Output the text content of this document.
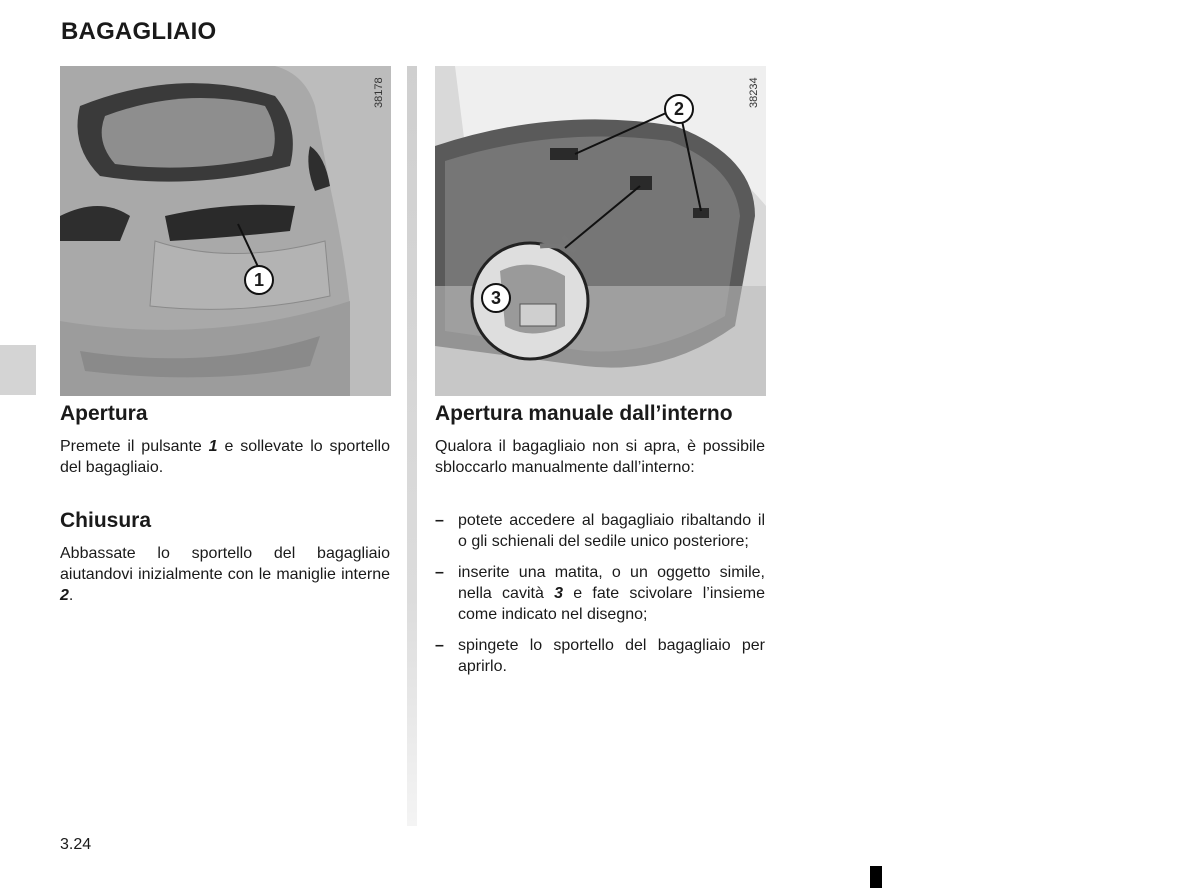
BAGAGLIAIO
38178
1
38234
2
3
Apertura

Premete il pulsante 1 e sollevate lo sportello del bagagliaio.

Chiusura

Abbassate lo sportello del bagagliaio aiutandovi inizialmente con le maniglie interne 2.

Apertura manuale dall’interno

Qualora il bagagliaio non si apra, è possibile sbloccarlo manualmente dall’interno:

– potete accedere al bagagliaio ribaltando il o gli schienali del sedile unico posteriore;
– inserite una matita, o un oggetto simile, nella cavità 3 e fate scivolare l’insieme come indicato nel disegno;
– spingete lo sportello del bagagliaio per aprirlo.
3.24
